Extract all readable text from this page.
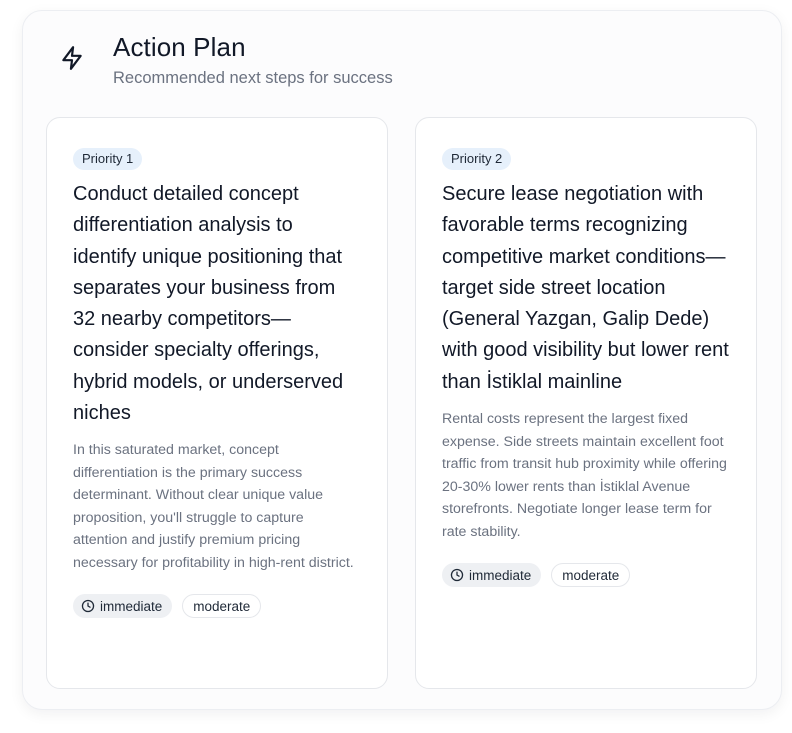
Action Plan
Recommended next steps for success
Priority 1
Conduct detailed concept differentiation analysis to identify unique positioning that separates your business from 32 nearby competitors—consider specialty offerings, hybrid models, or underserved niches
In this saturated market, concept differentiation is the primary success determinant. Without clear unique value proposition, you'll struggle to capture attention and justify premium pricing necessary for profitability in high-rent district.
immediate	moderate
Priority 2
Secure lease negotiation with favorable terms recognizing competitive market conditions—target side street location (General Yazgan, Galip Dede) with good visibility but lower rent than İstiklal mainline
Rental costs represent the largest fixed expense. Side streets maintain excellent foot traffic from transit hub proximity while offering 20-30% lower rents than İstiklal Avenue storefronts. Negotiate longer lease term for rate stability.
immediate	moderate
